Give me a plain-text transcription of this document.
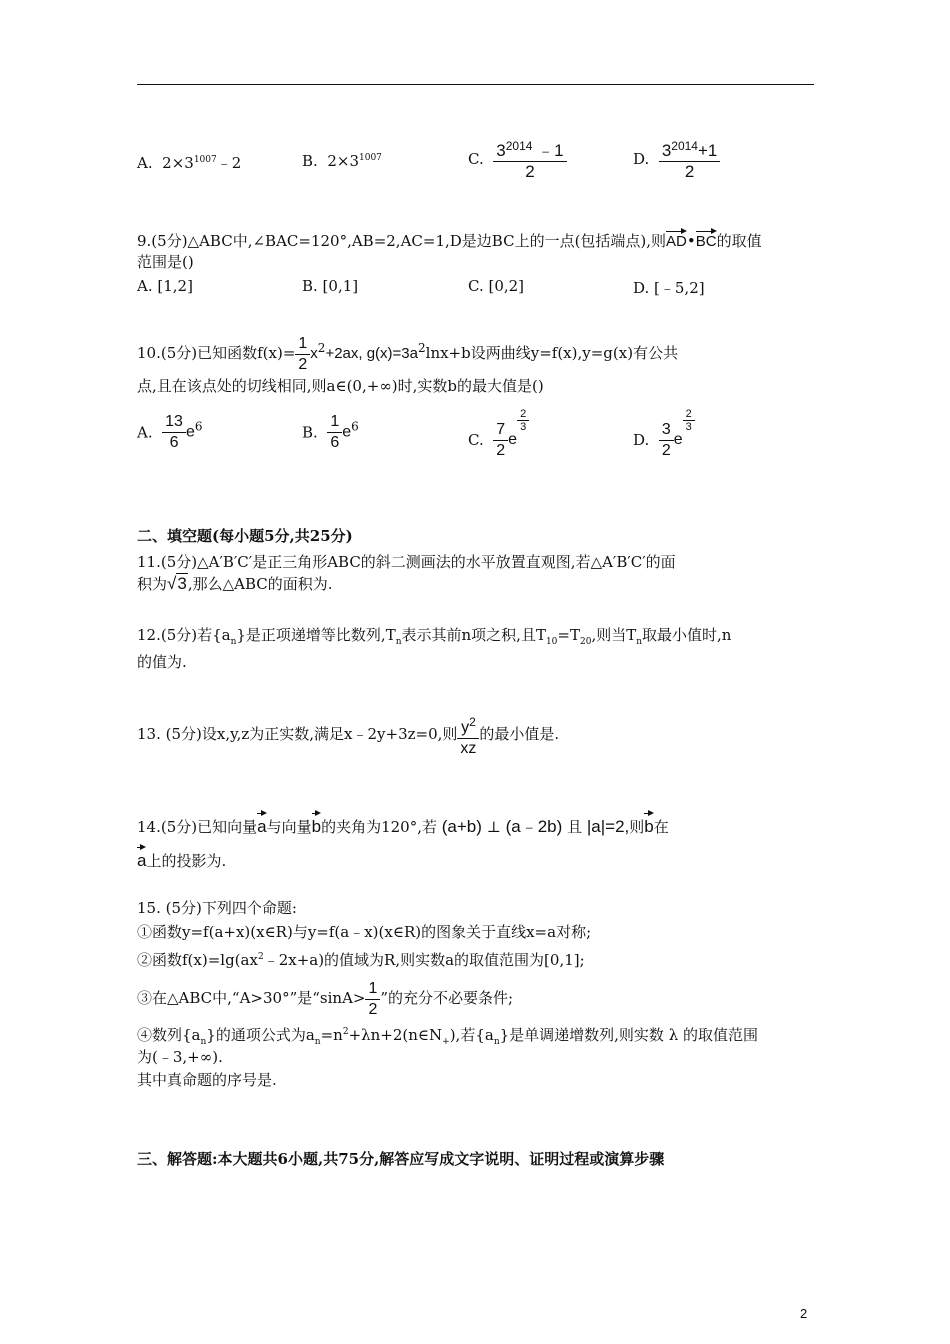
A. $2\times 3^{1007}﹣2$	B. $2\times 3^{1007}$	C. $\frac{3^{2014} ﹣1}{2}$	D. $\frac{3^{2014}+1}{2}$
9.(5分)△ABC中,∠BAC=120°,AB=2,AC=1,D是边BC上的一点(包括端点),则AD•BC的取值
范围是()
A. [1,2]	B. [0,1]	C. [0,2]	D. [﹣5,2]
10.(5分)已知函数$f(x)= \frac{1}{2} x^2+2ax$, $g(x)=3a^2\ln x+b$设两曲线y=f(x),y=g(x)有公共
点,且在该点处的切线相同,则a∈(0,+∞)时,实数b的最大值是()
A. $\frac{13}{6} e^6$	B. $\frac{1}{6} e^6$
C. $\frac{7}{2}$ e
$\frac{2}{3}$
D. $\frac{3}{2}$ e
$\frac{2}{3}$
二、填空题(每小题5分,共25分)
11.(5分)△A′B′C′是正三角形ABC的斜二测画法的水平放置直观图,若△A′B′C′的面
积为√3,那么△ABC的面积为.
12.(5分)若$\{a_n\}$是正项递增等比数列$,T_n$表示其前n项之积,且$T_{10}=T_{20}$,则当$T_n$取最小值时,n
的值为.
13. (5分)设x,y,z为正实数,满足x﹣2y+3z=0,则 $\frac{y^2}{xz}$ 的最小值是.
14.(5分)已知向量a与向量b的夹角为120°,若 (a+b) ⊥ (a﹣2b) 且 |a|=2,则b在
a上的投影为.
15. (5分)下列四个命题:
①函数y=f(a+x)(x∈R)与y=f(a﹣x)(x∈R)的图象关于直线x=a对称;
②函数$f(x)=\lg(ax^2﹣2x+a)$的值域为R,则实数a的取值范围为[0,1];
③在△ABC中,“A>30°”是“$\sin A> \frac{1}{2}$ ”的充分不必要条件;
④数列$\{a_n\}$的通项公式为$a_n=n^2+\lambda n+2(n\in N_+)$,若$\{a_n\}$是单调递增数列,则实数 λ 的取值范围
为(﹣3,+∞).
其中真命题的序号是.
三、解答题:本大题共6小题,共75分,解答应写成文字说明、证明过程或演算步骤
2
